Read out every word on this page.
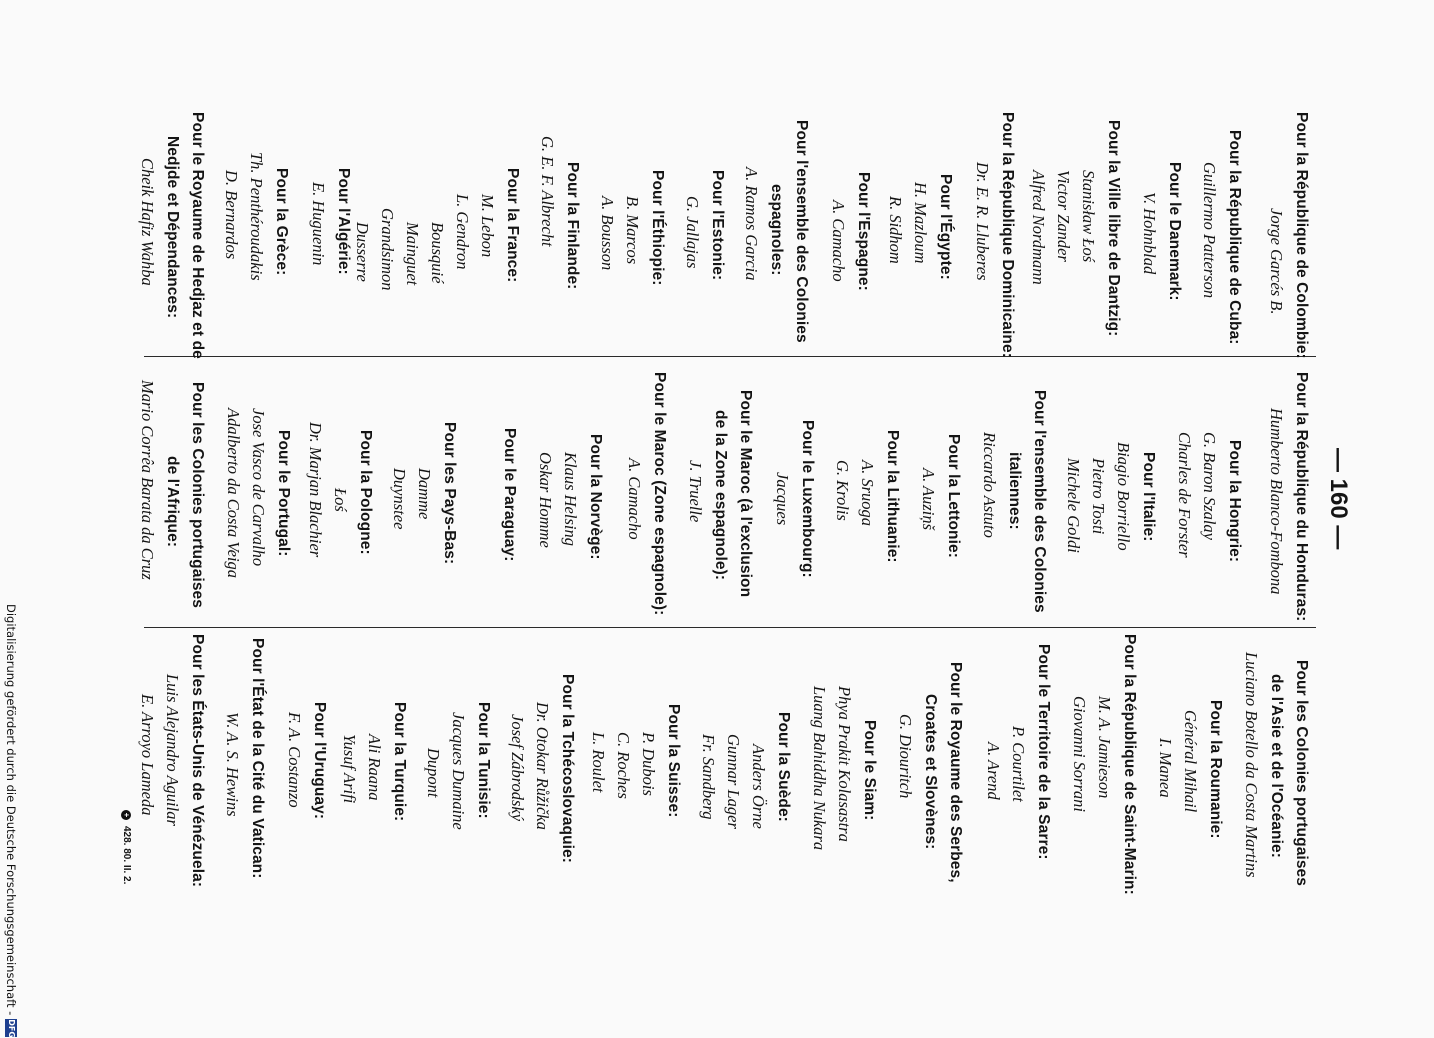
— 160 —
Pour la République de Colombie:
Jorge Garcés B.
Pour la République de Cuba:
Guillermo Patterson
Pour le Danemark:
V. Hohnblad
Pour la Ville libre de Dantzig:
Stanisław Łoś
Victor Zander
Alfred Nordmann
Pour la République Dominicaine:
Dr. E. R. Lluberes
Pour l'Égypte:
H. Mazloum
R. Sidhom
Pour l'Espagne:
A. Camacho
Pour l'ensemble des Colonies
espagnoles:
A. Ramos Garcia
Pour l'Estonie:
G. Jallajas
Pour l'Éthiopie:
B. Marcos
A. Bousson
Pour la Finlande:
G. E. F. Albrecht
Pour la France:
M. Lebon
L. Gendron
Bousquié
Mainguet
Grandsimon
Dusserre
Pour l'Algérie:
E. Huguenin
Pour la Grèce:
Th. Penthéroudakis
D. Bernardos
Pour le Royaume de Hedjaz et de
Nedjde et Dépendances:
Cheik Hafiz Wahba
Pour la République du Honduras:
Humberto Blanco-Fombona
Pour la Hongrie:
G. Baron Szalay
Charles de Forster
Pour l'Italie:
Biagio Borriello
Pietro Tosti
Michele Goldi
Pour l'ensemble des Colonies
italiennes:
Riccardo Astuto
Pour la Lettonie:
A. Auziņš
Pour la Lithuanie:
A. Sruoga
G. Krolis
Pour le Luxembourg:
Jacques
Pour le Maroc (à l'exclusion
de la Zone espagnole):
J. Truelle
Pour le Maroc (Zone espagnole):
A. Camacho
Pour la Norvège:
Klaus Helsing
Oskar Homme
Pour le Paraguay:
Pour les Pays-Bas:
Damme
Duynstee
Pour la Pologne:
Łoś
Dr. Marjan Blachier
Pour le Portugal:
Jose Vasco de Carvalho
Adalberto da Costa Veiga
Pour les Colonies portugaises
de l'Afrique:
Mario Corrêa Barata da Cruz
Pour les Colonies portugaises
de l'Asie et de l'Océanie:
Luciano Botello da Costa Martins
Pour la Roumanie:
Général Mihail
I. Manea
Pour la République de Saint-Marin:
M. A. Jamieson
Giovanni Sorrani
Pour le Territoire de la Sarre:
P. Courtilet
A. Arend
Pour le Royaume des Serbes,
Croates et Slovènes:
G. Diouritch
Pour le Siam:
Phya Prakit Kolasastra
Luang Bahiddha Nukara
Pour la Suède:
Anders Örne
Gunnar Lager
Fr. Sandberg
Pour la Suisse:
P. Dubois
C. Roches
L. Roulet
Pour la Tchécoslovaquie:
Dr. Otokar Růžička
Josef Zábrodský
Pour la Tunisie:
Jacques Dumaine
Dupont
Pour la Turquie:
Ali Raana
Yusuf Arifi
Pour l'Uruguay:
F. A. Costanzo
Pour l'État de la Cité du Vatican:
W. A. S. Hewins
Pour les États-Unis de Vénézuela:
Luis Alejandro Aguilar
E. Arroyo Lameda
+428. 80. II. 2.
Digitalisierung gefördert durch die Deutsche Forschungsgemeinschaft -
DFG
